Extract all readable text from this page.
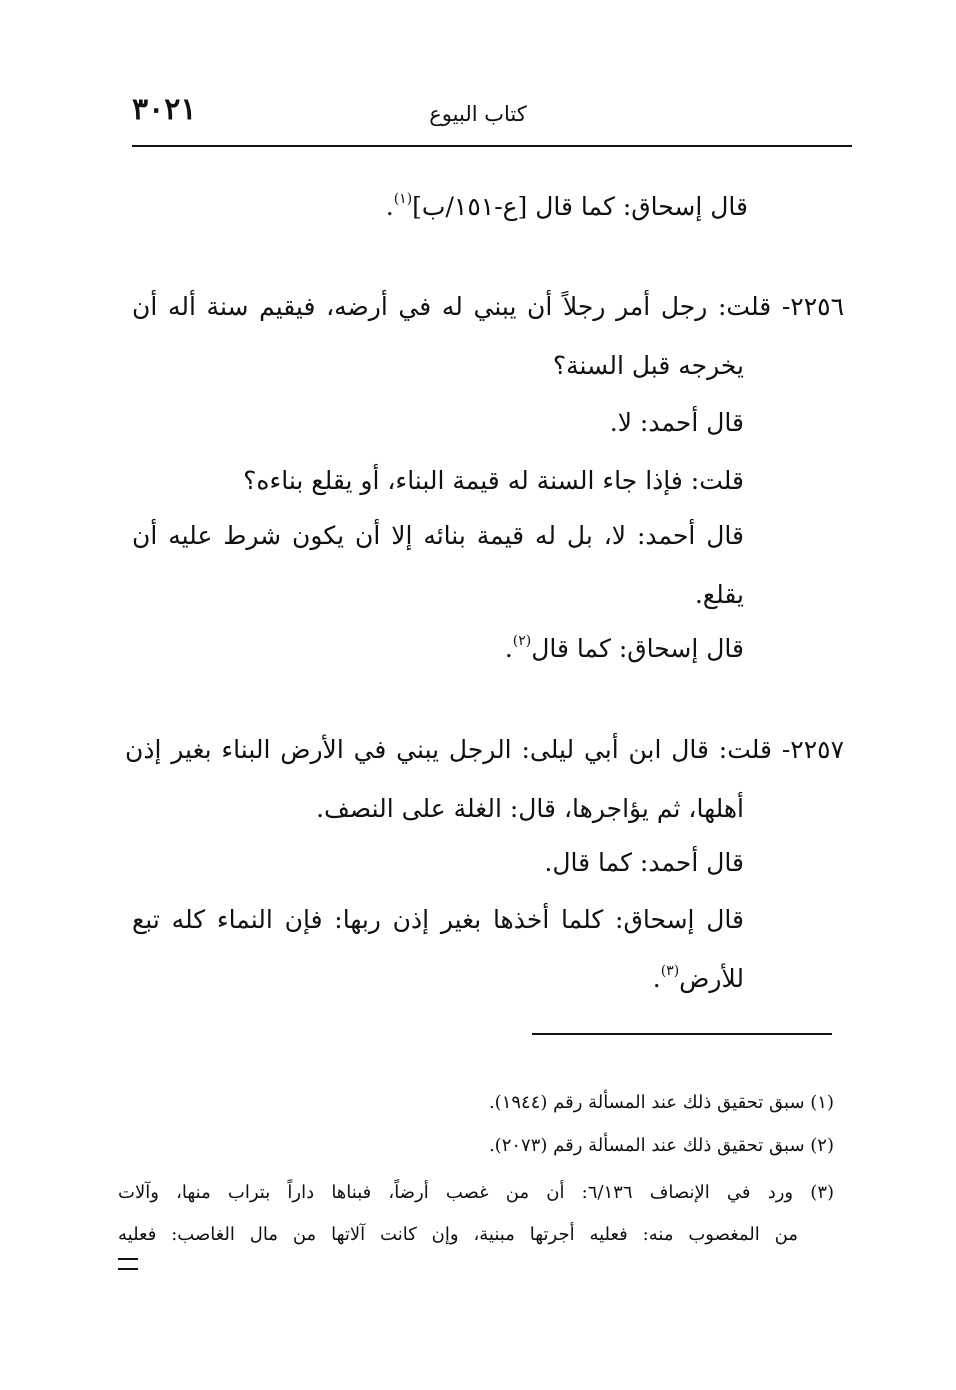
٣٠٢١	كتاب البيوع
قال إسحاق: كما قال [ع-١٥١/ب]$^{(١)}$.
٢٢٥٦- قلت: رجل أمر رجلاً أن يبني له في أرضه، فيقيم سنة أله أن
يخرجه قبل السنة؟
قال أحمد: لا.
قلت: فإذا جاء السنة له قيمة البناء، أو يقلع بناءه؟
قال أحمد: لا، بل له قيمة بنائه إلا أن يكون شرط عليه أن
يقلع.
قال إسحاق: كما قال$^{(٢)}$.
٢٢٥٧- قلت: قال ابن أبي ليلى: الرجل يبني في الأرض البناء بغير إذن
أهلها، ثم يؤاجرها، قال: الغلة على النصف.
قال أحمد: كما قال.
قال إسحاق: كلما أخذها بغير إذن ربها: فإن النماء كله تبع
للأرض$^{(٣)}$.
(١) سبق تحقيق ذلك عند المسألة رقم (١٩٤٤).
(٢) سبق تحقيق ذلك عند المسألة رقم (٢٠٧٣).
(٣) ورد في الإنصاف ٦/١٣٦: أن من غصب أرضاً، فبناها داراً بتراب منها، وآلات
من المغصوب منه: فعليه أجرتها مبنية، وإن كانت آلاتها من مال الغاصب: فعليه
